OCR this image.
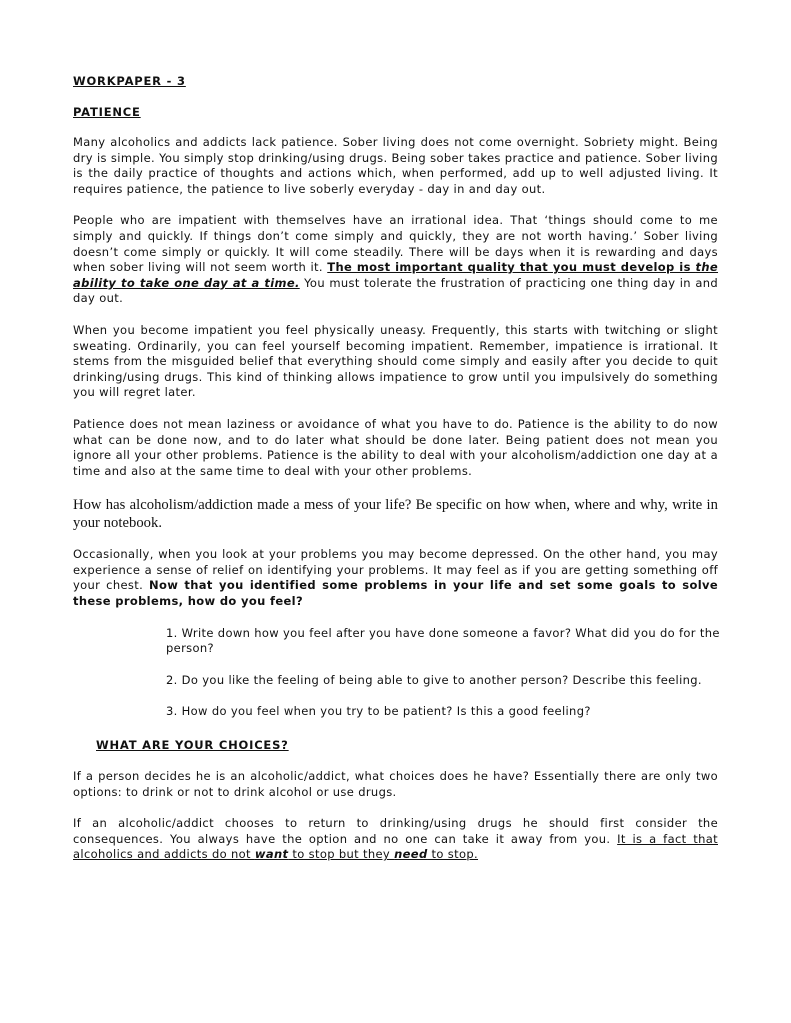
WORKPAPER - 3

PATIENCE

Many alcoholics and addicts lack patience. Sober living does not come overnight. Sobriety might. Being dry is simple. You simply stop drinking/using drugs. Being sober takes practice and patience. Sober living is the daily practice of thoughts and actions which, when performed, add up to well adjusted living. It requires patience, the patience to live soberly everyday - day in and day out.

People who are impatient with themselves have an irrational idea. That ‘things should come to me simply and quickly. If things don’t come simply and quickly, they are not worth having.’ Sober living doesn’t come simply or quickly. It will come steadily. There will be days when it is rewarding and days when sober living will not seem worth it. The most important quality that you must develop is the ability to take one day at a time. You must tolerate the frustration of practicing one thing day in and day out.

When you become impatient you feel physically uneasy. Frequently, this starts with twitching or slight sweating. Ordinarily, you can feel yourself becoming impatient. Remember, impatience is irrational. It stems from the misguided belief that everything should come simply and easily after you decide to quit drinking/using drugs. This kind of thinking allows impatience to grow until you impulsively do something you will regret later.

Patience does not mean laziness or avoidance of what you have to do. Patience is the ability to do now what can be done now, and to do later what should be done later. Being patient does not mean you ignore all your other problems. Patience is the ability to deal with your alcoholism/addiction one day at a time and also at the same time to deal with your other problems.

How has alcoholism/addiction made a mess of your life? Be specific on how when, where and why, write in your notebook.

Occasionally, when you look at your problems you may become depressed. On the other hand, you may experience a sense of relief on identifying your problems. It may feel as if you are getting something off your chest. Now that you identified some problems in your life and set some goals to solve these problems, how do you feel?

1. Write down how you feel after you have done someone a favor? What did you do for the person?

2. Do you like the feeling of being able to give to another person? Describe this feeling.

3. How do you feel when you try to be patient? Is this a good feeling?

WHAT ARE YOUR CHOICES?

If a person decides he is an alcoholic/addict, what choices does he have? Essentially there are only two options: to drink or not to drink alcohol or use drugs.

If an alcoholic/addict chooses to return to drinking/using drugs he should first consider the consequences. You always have the option and no one can take it away from you. It is a fact that alcoholics and addicts do not want to stop but they need to stop.
